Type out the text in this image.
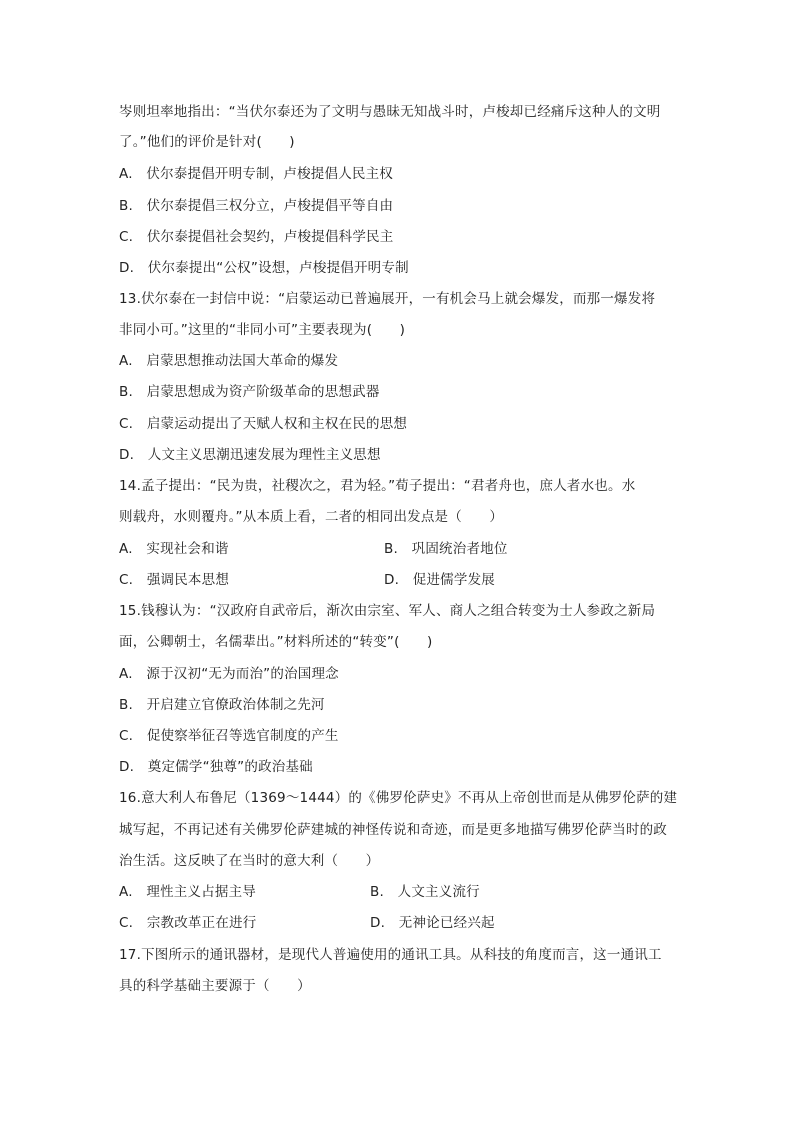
岑则坦率地指出：“当伏尔泰还为了文明与愚昧无知战斗时，卢梭却已经痛斥这种人的文明
了。”他们的评价是针对(　　)
A.　伏尔泰提倡开明专制，卢梭提倡人民主权
B.　伏尔泰提倡三权分立，卢梭提倡平等自由
C.　伏尔泰提倡社会契约，卢梭提倡科学民主
D.　伏尔泰提出“公权”设想，卢梭提倡开明专制
13.伏尔泰在一封信中说：“启蒙运动已普遍展开，一有机会马上就会爆发，而那一爆发将
非同小可。”这里的“非同小可”主要表现为(　　)
A.　启蒙思想推动法国大革命的爆发
B.　启蒙思想成为资产阶级革命的思想武器
C.　启蒙运动提出了天赋人权和主权在民的思想
D.　人文主义思潮迅速发展为理性主义思想
14.孟子提出：“民为贵，社稷次之，君为轻。”荀子提出：“君者舟也，庶人者水也。水
则载舟，水则覆舟。”从本质上看，二者的相同出发点是（　　）
A.　实现社会和谐	B.　巩固统治者地位
C.　强调民本思想	D.　促进儒学发展
15.钱穆认为：“汉政府自武帝后，渐次由宗室、军人、商人之组合转变为士人参政之新局
面，公卿朝士，名儒辈出。”材料所述的“转变”(　　)
A.　源于汉初“无为而治”的治国理念
B.　开启建立官僚政治体制之先河
C.　促使察举征召等选官制度的产生
D.　奠定儒学“独尊”的政治基础
16.意大利人布鲁尼（1369～1444）的《佛罗伦萨史》不再从上帝创世而是从佛罗伦萨的建
城写起，不再记述有关佛罗伦萨建城的神怪传说和奇迹，而是更多地描写佛罗伦萨当时的政
治生活。这反映了在当时的意大利（　　）
A.　理性主义占据主导	B.　人文主义流行
C.　宗教改革正在进行	D.　无神论已经兴起
17.下图所示的通讯器材，是现代人普遍使用的通讯工具。从科技的角度而言，这一通讯工
具的科学基础主要源于（　　）
